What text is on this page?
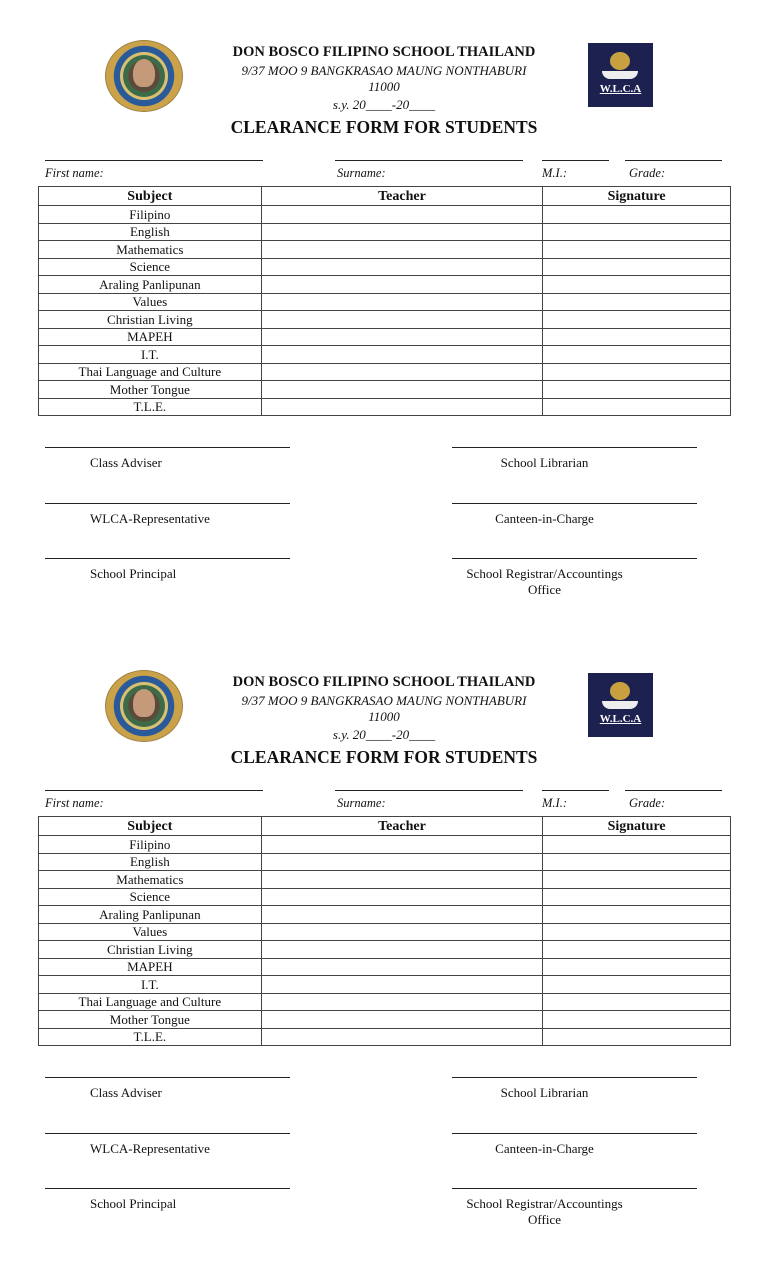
W.L.C.A
DON BOSCO FILIPINO SCHOOL THAILAND
9/37 MOO 9 BANGKRASAO MAUNG NONTHABURI
11000
s.y. 20____-20____
CLEARANCE FORM FOR STUDENTS
First name:	Surname:	M.I.:	Grade:
Subject	Teacher	Signature
Filipino		
English		
Mathematics		
Science		
Araling Panlipunan		
Values		
Christian Living		
MAPEH		
I.T.		
Thai Language and Culture		
Mother Tongue		
T.L.E.		
Class Adviser	School Librarian
WLCA-Representative	Canteen-in-Charge
School Principal	School Registrar/Accountings Office
W.L.C.A
DON BOSCO FILIPINO SCHOOL THAILAND
9/37 MOO 9 BANGKRASAO MAUNG NONTHABURI
11000
s.y. 20____-20____
CLEARANCE FORM FOR STUDENTS
First name:	Surname:	M.I.:	Grade:
Subject	Teacher	Signature
Filipino		
English		
Mathematics		
Science		
Araling Panlipunan		
Values		
Christian Living		
MAPEH		
I.T.		
Thai Language and Culture		
Mother Tongue		
T.L.E.		
Class Adviser	School Librarian
WLCA-Representative	Canteen-in-Charge
School Principal	School Registrar/Accountings Office
